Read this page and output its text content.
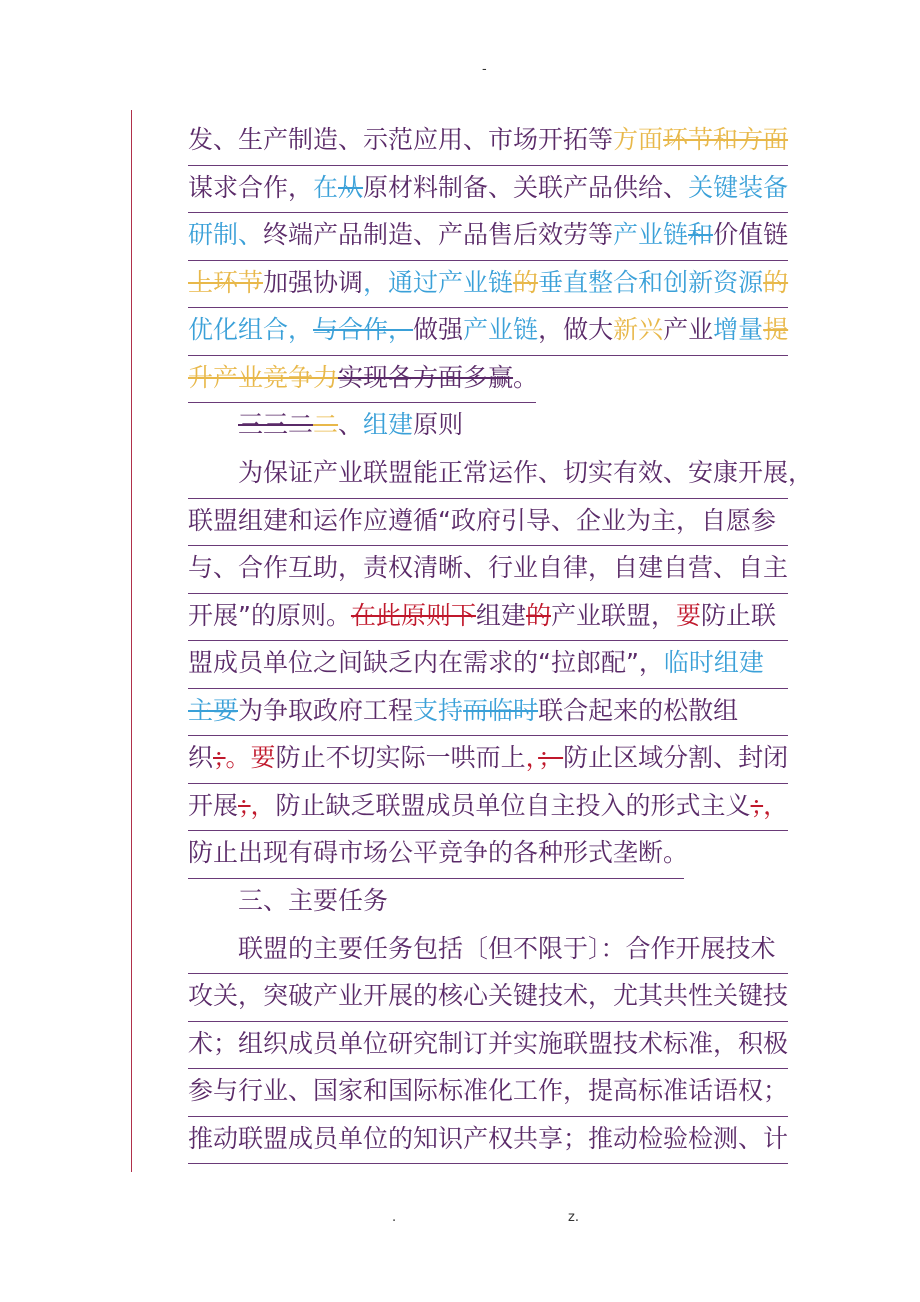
-
发、生产制造、示范应用、市场开拓等方面环节和方面
谋求合作，在从原材料制备、关联产品供给、关键装备
研制、终端产品制造、产品售后效劳等产业链和价值链
上环节加强协调，通过产业链的垂直整合和创新资源的
优化组合，与合作，做强产业链，做大新兴产业增量提
升产业竞争力实现各方面多赢。
三三二二、组建原则
为保证产业联盟能正常运作、切实有效、安康开展，
联盟组建和运作应遵循“政府引导、企业为主，自愿参
与、合作互助，责权清晰、行业自律，自建自营、自主
开展”的原则。在此原则下组建的产业联盟，要防止联
盟成员单位之间缺乏内在需求的“拉郎配”，临时组建
主要为争取政府工程支持而临时联合起来的松散组
织；。要防止不切实际一哄而上，；防止区域分割、封闭
开展；，防止缺乏联盟成员单位自主投入的形式主义；，
防止出现有碍市场公平竞争的各种形式垄断。
三、主要任务
联盟的主要任务包括〔但不限于〕：合作开展技术
攻关，突破产业开展的核心关键技术，尤其共性关键技
术；组织成员单位研究制订并实施联盟技术标准，积极
参与行业、国家和国际标准化工作，提高标准话语权；
推动联盟成员单位的知识产权共享；推动检验检测、计
.	z.
